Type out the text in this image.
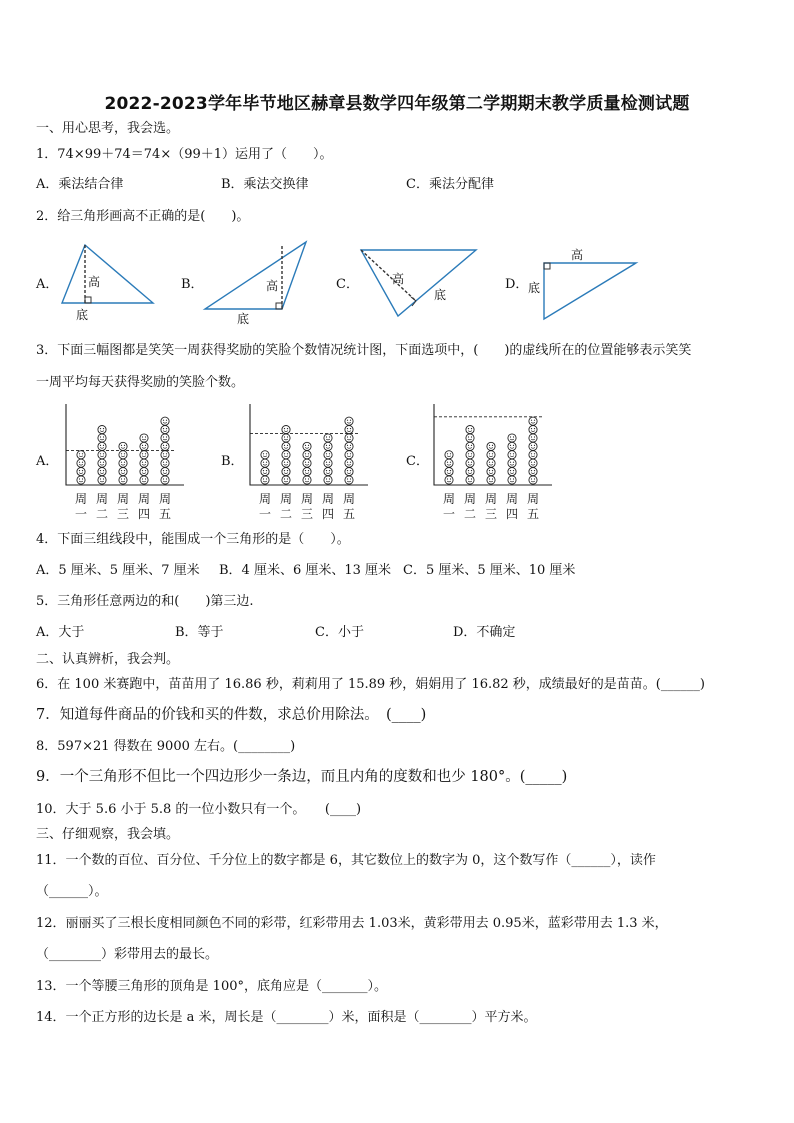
2022-2023学年毕节地区赫章县数学四年级第二学期期末教学质量检测试题
一、用心思考，我会选。
1．74×99＋74＝74×（99＋1）运用了（　　）。
A．乘法结合律	B．乘法交换律	C．乘法分配律
2．给三角形画高不正确的是(　　)。
A．	B．	C．	D．
高
底
高
底
高
底
高
底
3．下面三幅图都是笑笑一周获得奖励的笑脸个数情况统计图，下面选项中，(　　)的虚线所在的位置能够表示笑笑
一周平均每天获得奖励的笑脸个数。
A．	B．	C．
周
一
周
二
周
三
周
四
周
五
周
一
周
二
周
三
周
四
周
五
周
一
周
二
周
三
周
四
周
五
4．下面三组线段中，能围成一个三角形的是（　　）。
A．5 厘米、5 厘米、7 厘米 B．4 厘米、6 厘米、13 厘米 C．5 厘米、5 厘米、10 厘米
5．三角形任意两边的和(　　)第三边.
A．大于	B．等于	C．小于	D．不确定
二、认真辨析，我会判。
6．在 100 米赛跑中，苗苗用了 16.86 秒，莉莉用了 15.89 秒，娟娟用了 16.82 秒，成绩最好的是苗苗。(______)
7．知道每件商品的价钱和买的件数，求总价用除法。　(____)
8．597×21 得数在 9000 左右。(________)
9．一个三角形不但比一个四边形少一条边，而且内角的度数和也少 180°。(_____)
10．大于 5.6 小于 5.8 的一位小数只有一个。　　(____)
三、仔细观察，我会填。
11．一个数的百位、百分位、千分位上的数字都是 6，其它数位上的数字为 0，这个数写作（______），读作
（______）。
12．丽丽买了三根长度相同颜色不同的彩带，红彩带用去 1.03米，黄彩带用去 0.95米，蓝彩带用去 1.3 米，
（________）彩带用去的最长。
13．一个等腰三角形的顶角是 100°，底角应是（_______）。
14．一个正方形的边长是 a 米，周长是（________）米，面积是（________）平方米。
